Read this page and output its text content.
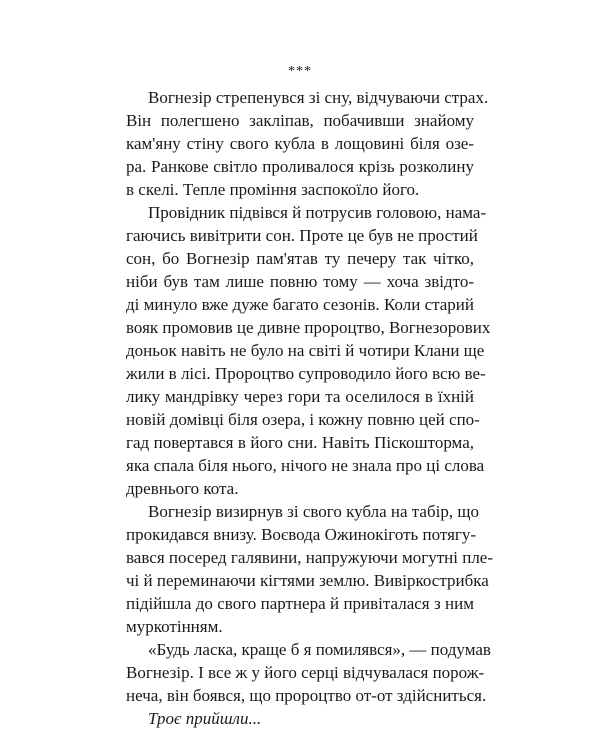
***

Вогнезір стрепенувся зі сну, відчуваючи страх.
Він полегшено закліпав, побачивши знайому
кам'яну стіну свого кубла в лощовині біля озе-
ра. Ранкове світло проливалося крізь розколину
в скелі. Тепле проміння заспокоїло його.

Провідник підвівся й потрусив головою, нама-
гаючись вивітрити сон. Проте це був не простий
сон, бо Вогнезір пам'ятав ту печеру так чітко,
ніби був там лише повню тому — хоча звідто-
ді минуло вже дуже багато сезонів. Коли старий
вояк промовив це дивне пророцтво, Вогнезорових
доньок навіть не було на світі й чотири Клани ще
жили в лісі. Пророцтво супроводило його всю ве-
лику мандрівку через гори та оселилося в їхній
новій домівці біля озера, і кожну повню цей спо-
гад повертався в його сни. Навіть Піскошторма,
яка спала біля нього, нічого не знала про ці слова
древнього кота.

Вогнезір визирнув зі свого кубла на табір, що
прокидався внизу. Воєвода Ожинокіготь потягу-
вався посеред галявини, напружуючи могутні пле-
чі й переминаючи кігтями землю. Вивіркострибка
підійшла до свого партнера й привіталася з ним
муркотінням.

«Будь ласка, краще б я помилявся», — подумав
Вогнезір. І все ж у його серці відчувалася порож-
неча, він боявся, що пророцтво от-от здійсниться.

Троє прийшли...
